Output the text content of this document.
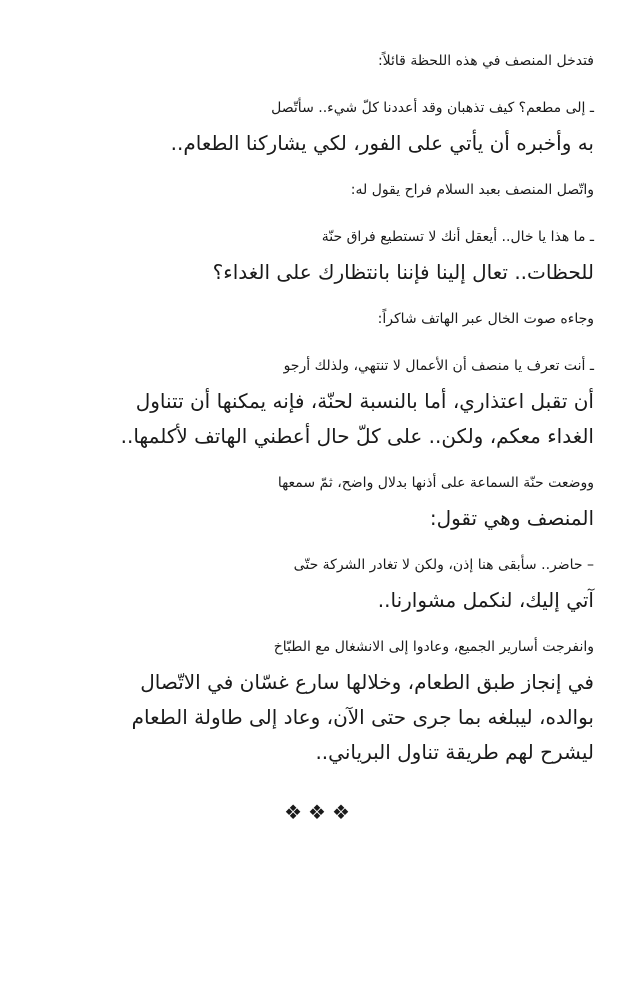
فتدخل المنصف في هذه اللحظة قائلاً:

ـ إلى مطعم؟ كيف تذهبان وقد أعددنا كلّ شيء.. سأتّصل
به وأخبره أن يأتي على الفور، لكي يشاركنا الطعام..

واتّصل المنصف بعبد السلام فراح يقول له:

ـ ما هذا يا خال.. أيعقل أنك لا تستطيع فراق حنّة
للحظات.. تعال إلينا فإننا بانتظارك على الغداء؟

وجاءه صوت الخال عبر الهاتف شاكراً:

ـ أنت تعرف يا منصف أن الأعمال لا تنتهي، ولذلك أرجو
أن تقبل اعتذاري، أما بالنسبة لحنّة، فإنه يمكنها أن تتناول
الغداء معكم، ولكن.. على كلّ حال أعطني الهاتف لأكلمها..

ووضعت حنّة السماعة على أذنها بدلال واضح، ثمّ سمعها
المنصف وهي تقول:

– حاضر.. سأبقى هنا إذن، ولكن لا تغادر الشركة حتّى
آتي إليك، لنكمل مشوارنا..

وانفرجت أسارير الجميع، وعادوا إلى الانشغال مع الطبّاخ
في إنجاز طبق الطعام، وخلالها سارع غسّان في الاتّصال
بوالده، ليبلغه بما جرى حتى الآن، وعاد إلى طاولة الطعام
ليشرح لهم طريقة تناول البرياني..

❖❖❖
